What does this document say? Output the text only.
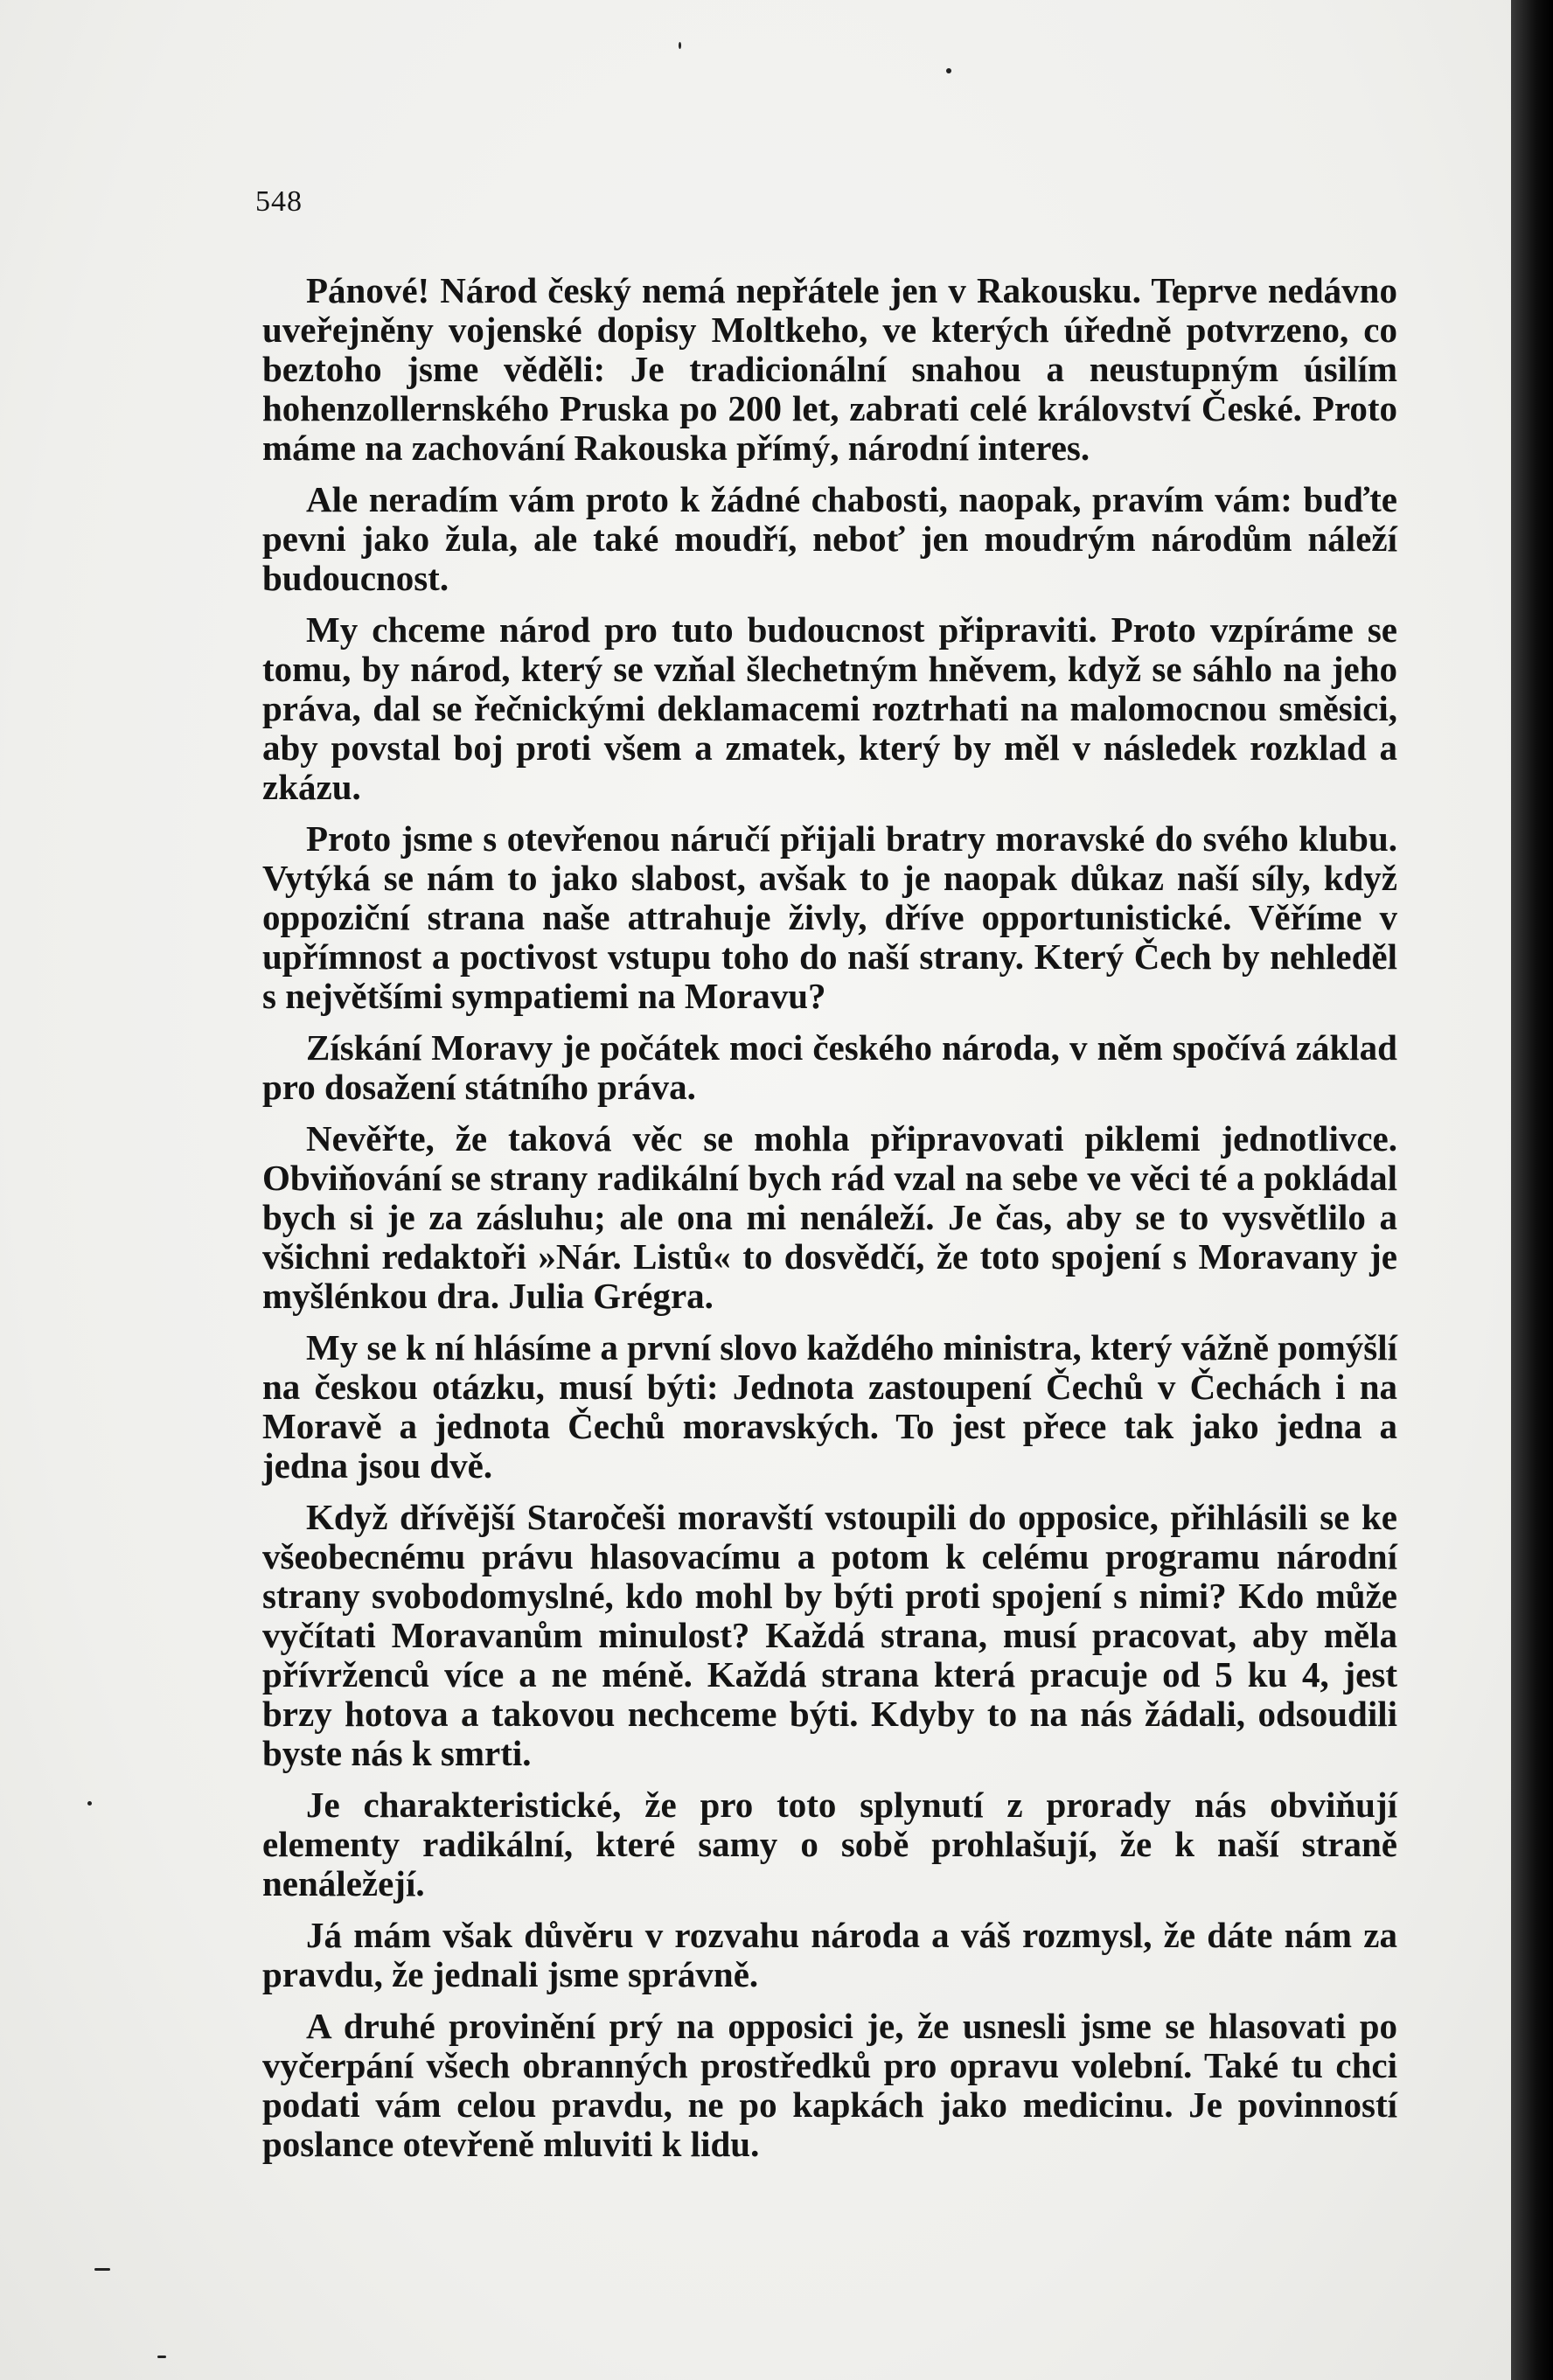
548

Pánové! Národ český nemá nepřátele jen v Rakousku. Teprve nedávno uveřejněny vojenské dopisy Moltkeho, ve kterých úředně potvrzeno, co beztoho jsme věděli: Je tradicionální snahou a neustupným úsilím hohenzollernského Pruska po 200 let, zabrati celé království České. Proto máme na zachování Rakouska přímý, národní interes.

Ale neradím vám proto k žádné chabosti, naopak, pravím vám: buďte pevni jako žula, ale také moudří, neboť jen moudrým národům náleží budoucnost.

My chceme národ pro tuto budoucnost připraviti. Proto vzpíráme se tomu, by národ, který se vzňal šlechetným hněvem, když se sáhlo na jeho práva, dal se řečnickými deklamacemi roztrhati na malomocnou směsici, aby povstal boj proti všem a zmatek, který by měl v následek rozklad a zkázu.

Proto jsme s otevřenou náručí přijali bratry moravské do svého klubu. Vytýká se nám to jako slabost, avšak to je naopak důkaz naší síly, když oppoziční strana naše attrahuje živly, dříve opportunistické. Věříme v upřímnost a poctivost vstupu toho do naší strany. Který Čech by nehleděl s největšími sympatiemi na Moravu?

Získání Moravy je počátek moci českého národa, v něm spočívá základ pro dosažení státního práva.

Nevěřte, že taková věc se mohla připravovati piklemi jednotlivce. Obviňování se strany radikální bych rád vzal na sebe ve věci té a pokládal bych si je za zásluhu; ale ona mi nenáleží. Je čas, aby se to vysvětlilo a všichni redaktoři »Nár. Listů« to dosvědčí, že toto spojení s Moravany je myšlénkou dra. Julia Grégra.

My se k ní hlásíme a první slovo každého ministra, který vážně pomýšlí na českou otázku, musí býti: Jednota zastoupení Čechů v Čechách i na Moravě a jednota Čechů moravských. To jest přece tak jako jedna a jedna jsou dvě.

Když dřívější Staročeši moravští vstoupili do opposice, přihlásili se ke všeobecnému právu hlasovacímu a potom k celému programu národní strany svobodomyslné, kdo mohl by býti proti spojení s nimi? Kdo může vyčítati Moravanům minulost? Každá strana, musí pracovat, aby měla přívrženců více a ne méně. Každá strana která pracuje od 5 ku 4, jest brzy hotova a takovou nechceme býti. Kdyby to na nás žádali, odsoudili byste nás k smrti.

Je charakteristické, že pro toto splynutí z prorady nás obviňují elementy radikální, které samy o sobě prohlašují, že k naší straně nenáležejí.

Já mám však důvěru v rozvahu národa a váš rozmysl, že dáte nám za pravdu, že jednali jsme správně.

A druhé provinění prý na opposici je, že usnesli jsme se hlasovati po vyčerpání všech obranných prostředků pro opravu volební. Také tu chci podati vám celou pravdu, ne po kapkách jako medicinu. Je povinností poslance otevřeně mluviti k lidu.
